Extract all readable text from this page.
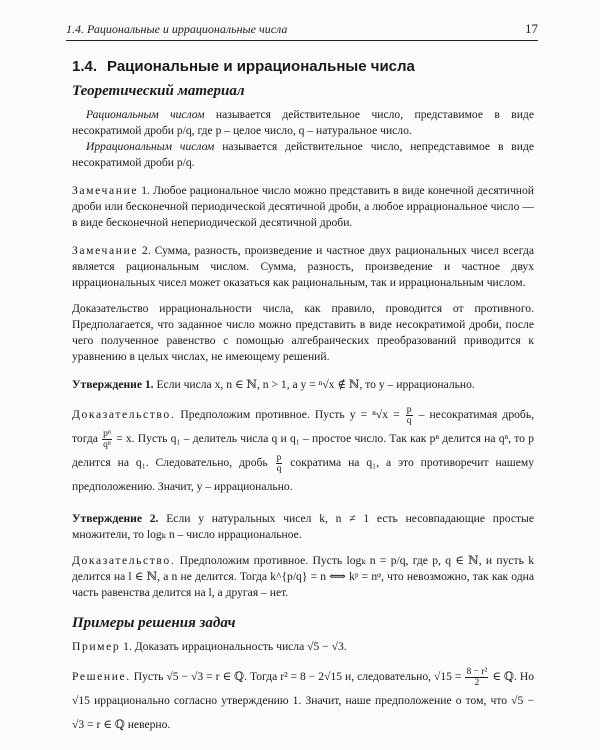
1.4. Рациональные и иррациональные числа	17
1.4. Рациональные и иррациональные числа
Теоретический материал

Рациональным числом называется действительное число, представимое в виде несократимой дроби p/q, где p – целое число, q – натуральное число.

Иррациональным числом называется действительное число, непредставимое в виде несократимой дроби p/q.

Замечание 1. Любое рациональное число можно представить в виде конечной десятичной дроби или бесконечной периодической десятичной дроби, а любое иррациональное число — в виде бесконечной непериодической десятичной дроби.

Замечание 2. Сумма, разность, произведение и частное двух рациональных чисел всегда является рациональным числом. Сумма, разность, произведение и частное двух иррациональных чисел может оказаться как рациональным, так и иррациональным числом.

Доказательство иррациональности числа, как правило, проводится от противного. Предполагается, что заданное число можно представить в виде несократимой дроби, после чего полученное равенство с помощью алгебраических преобразований приводится к уравнению в целых числах, не имеющему решений.

Утверждение 1. Если числа x, n ∈ ℕ, n > 1, а y = ⁿ√x ∉ ℕ, то y – иррационально.

Доказательство. Предположим противное. Пусть $y = ^n√x = \frac{p}{q}$ – несократимая дробь, тогда $\frac{\text{pⁿ}}{\text{qⁿ}} = x$. Пусть q₁ – делитель числа q и q₁ – простое число. Так как pⁿ делится на qⁿ, то p делится на q₁. Следовательно, дробь $\frac{p}{q}$ сократима на q₁, а это противоречит нашему предположению. Значит, y – иррационально.

Утверждение 2. Если у натуральных чисел k, n ≠ 1 есть несовпадающие простые множители, то logₖ n – число иррациональное.

Доказательство. Предположим противное. Пусть logₖ n = p/q, где p, q ∈ ℕ, и пусть k делится на l ∈ ℕ, а n не делится. Тогда k^{p/q} = n ⟺ kᵖ = nᵠ, что невозможно, так как одна часть равенства делится на l, а другая – нет.

Примеры решения задач

Пример 1. Доказать иррациональность числа √5 − √3.

Решение. Пусть √5 − √3 = r ∈ ℚ. Тогда r² = 8 − 2√15 и, следовательно, $√15 = \frac{\text{8 − r²}}{2}$ ∈ ℚ. Но √15 иррационально согласно утверждению 1. Значит, наше предположение о том, что √5 − √3 = r ∈ ℚ неверно.
